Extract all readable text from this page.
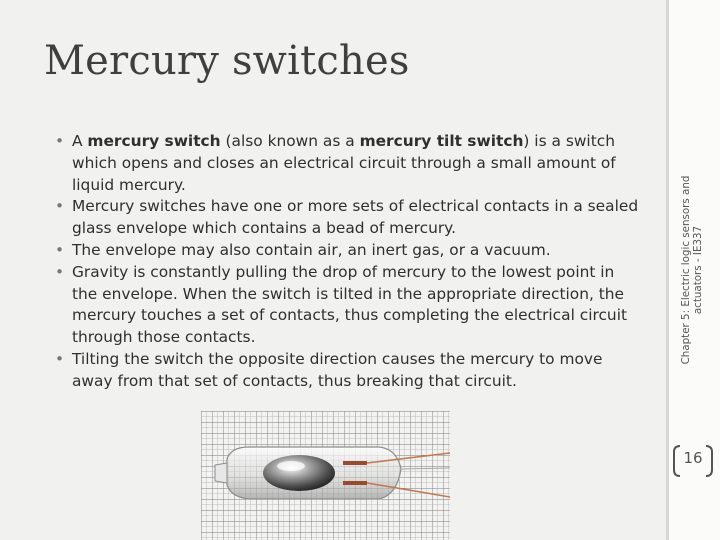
Mercury switches
• A mercury switch (also known as a mercury tilt switch) is a switch which opens and closes an electrical circuit through a small amount of liquid mercury.
• Mercury switches have one or more sets of electrical contacts in a sealed glass envelope which contains a bead of mercury.
• The envelope may also contain air, an inert gas, or a vacuum.
• Gravity is constantly pulling the drop of mercury to the lowest point in the envelope. When the switch is tilted in the appropriate direction, the mercury touches a set of contacts, thus completing the electrical circuit through those contacts.
• Tilting the switch the opposite direction causes the mercury to move away from that set of contacts, thus breaking that circuit.
Chapter 5: Electric logic sensors and actuators - IE337
16
